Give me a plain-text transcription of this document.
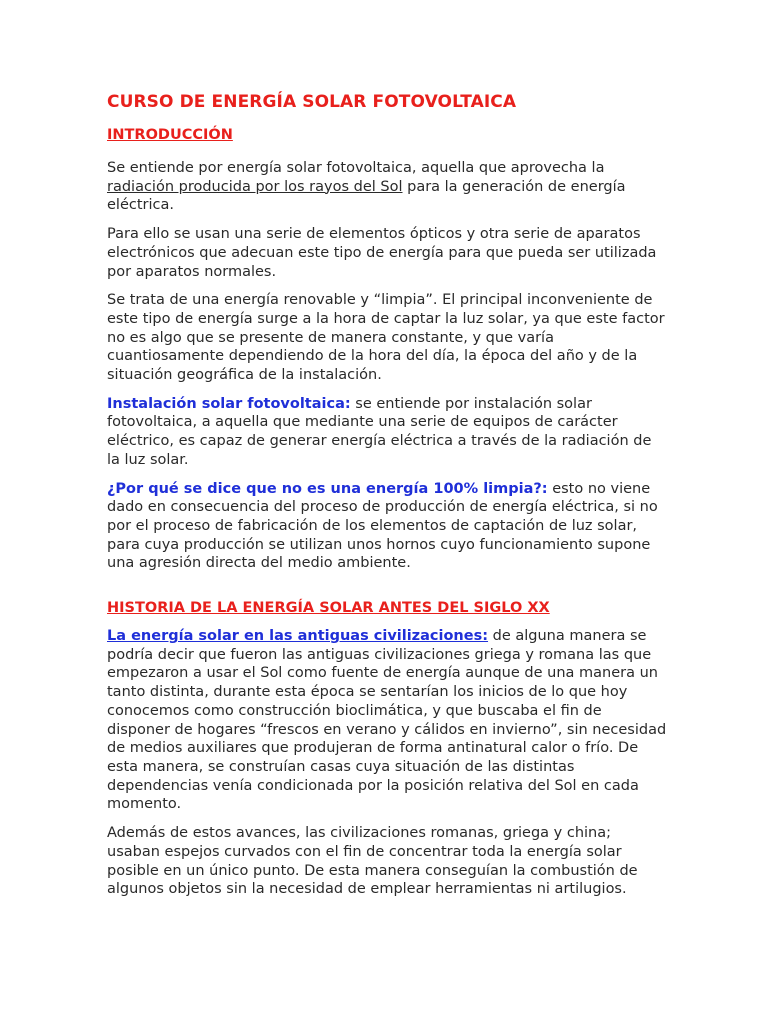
CURSO DE ENERGÍA SOLAR FOTOVOLTAICA
INTRODUCCIÓN

Se entiende por energía solar fotovoltaica, aquella que aprovecha la radiación producida por los rayos del Sol para la generación de energía eléctrica.

Para ello se usan una serie de elementos ópticos y otra serie de aparatos electrónicos que adecuan este tipo de energía para que pueda ser utilizada por aparatos normales.

Se trata de una energía renovable y “limpia”. El principal inconveniente de este tipo de energía surge a la hora de captar la luz solar, ya que este factor no es algo que se presente de manera constante, y que varía cuantiosamente dependiendo de la hora del día, la época del año y de la situación geográfica de la instalación.

Instalación solar fotovoltaica: se entiende por instalación solar fotovoltaica, a aquella que mediante una serie de equipos de carácter eléctrico, es capaz de generar energía eléctrica a través de la radiación de la luz solar.

¿Por qué se dice que no es una energía 100% limpia?: esto no viene dado en consecuencia del proceso de producción de energía eléctrica, si no por el proceso de fabricación de los elementos de captación de luz solar, para cuya producción se utilizan unos hornos cuyo funcionamiento supone una agresión directa del medio ambiente.

HISTORIA DE LA ENERGÍA SOLAR ANTES DEL SIGLO XX

La energía solar en las antiguas civilizaciones: de alguna manera se podría decir que fueron las antiguas civilizaciones griega y romana las que empezaron a usar el Sol como fuente de energía aunque de una manera un tanto distinta, durante esta época se sentarían los inicios de lo que hoy conocemos como construcción bioclimática, y que buscaba el fin de disponer de hogares “frescos en verano y cálidos en invierno”, sin necesidad de medios auxiliares que produjeran de forma antinatural calor o frío. De esta manera, se construían casas cuya situación de las distintas dependencias venía condicionada por la posición relativa del Sol en cada momento.

Además de estos avances, las civilizaciones romanas, griega y china; usaban espejos curvados con el fin de concentrar toda la energía solar posible en un único punto. De esta manera conseguían la combustión de algunos objetos sin la necesidad de emplear herramientas ni artilugios.
